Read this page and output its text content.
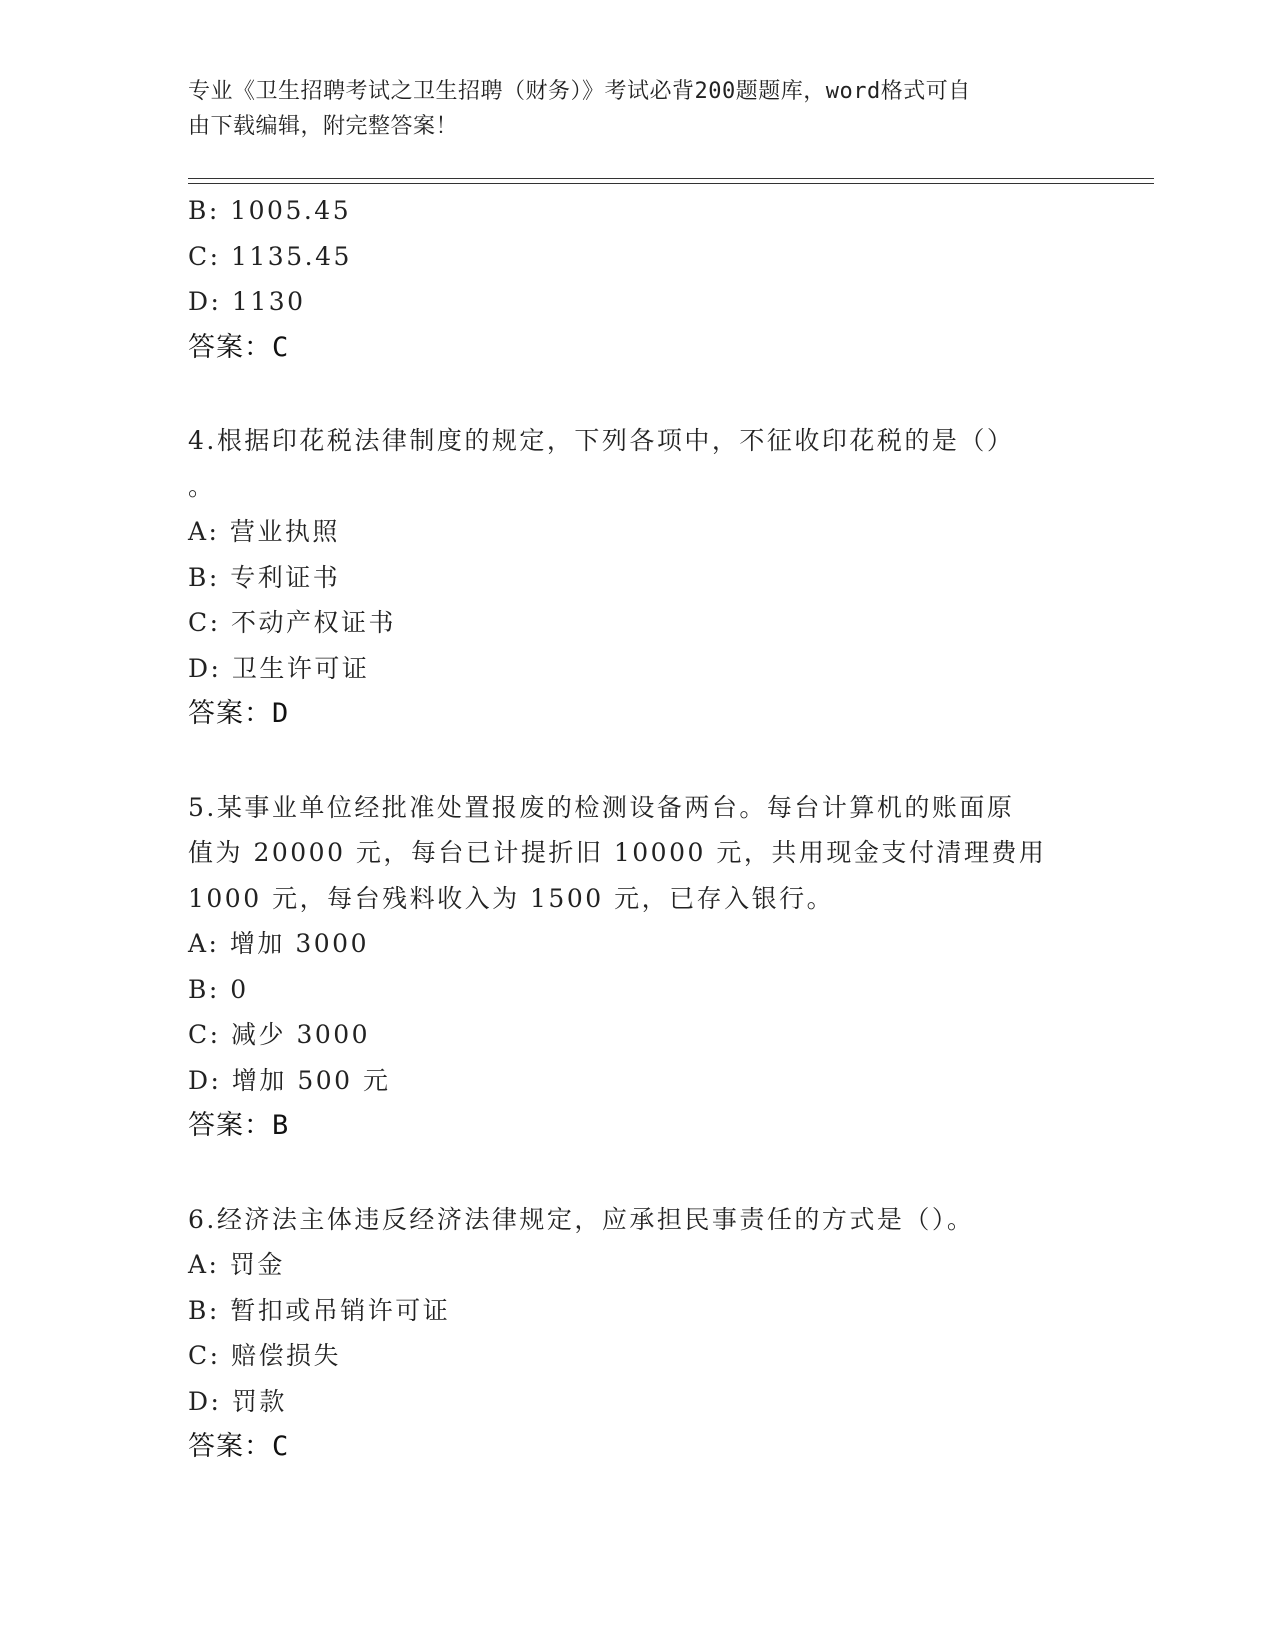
专业《卫生招聘考试之卫生招聘（财务）》考试必背200题题库，word格式可自
由下载编辑，附完整答案！
B: 1005.45
C: 1135.45
D: 1130
答案：C
4.根据印花税法律制度的规定，下列各项中，不征收印花税的是（）
。
A: 营业执照
B: 专利证书
C: 不动产权证书
D: 卫生许可证
答案：D
5.某事业单位经批准处置报废的检测设备两台。每台计算机的账面原
值为 20000 元，每台已计提折旧 10000 元，共用现金支付清理费用
1000 元，每台残料收入为 1500 元，已存入银行。
A: 增加 3000
B: 0
C: 减少 3000
D: 增加 500 元
答案：B
6.经济法主体违反经济法律规定，应承担民事责任的方式是（）。
A: 罚金
B: 暂扣或吊销许可证
C: 赔偿损失
D: 罚款
答案：C
